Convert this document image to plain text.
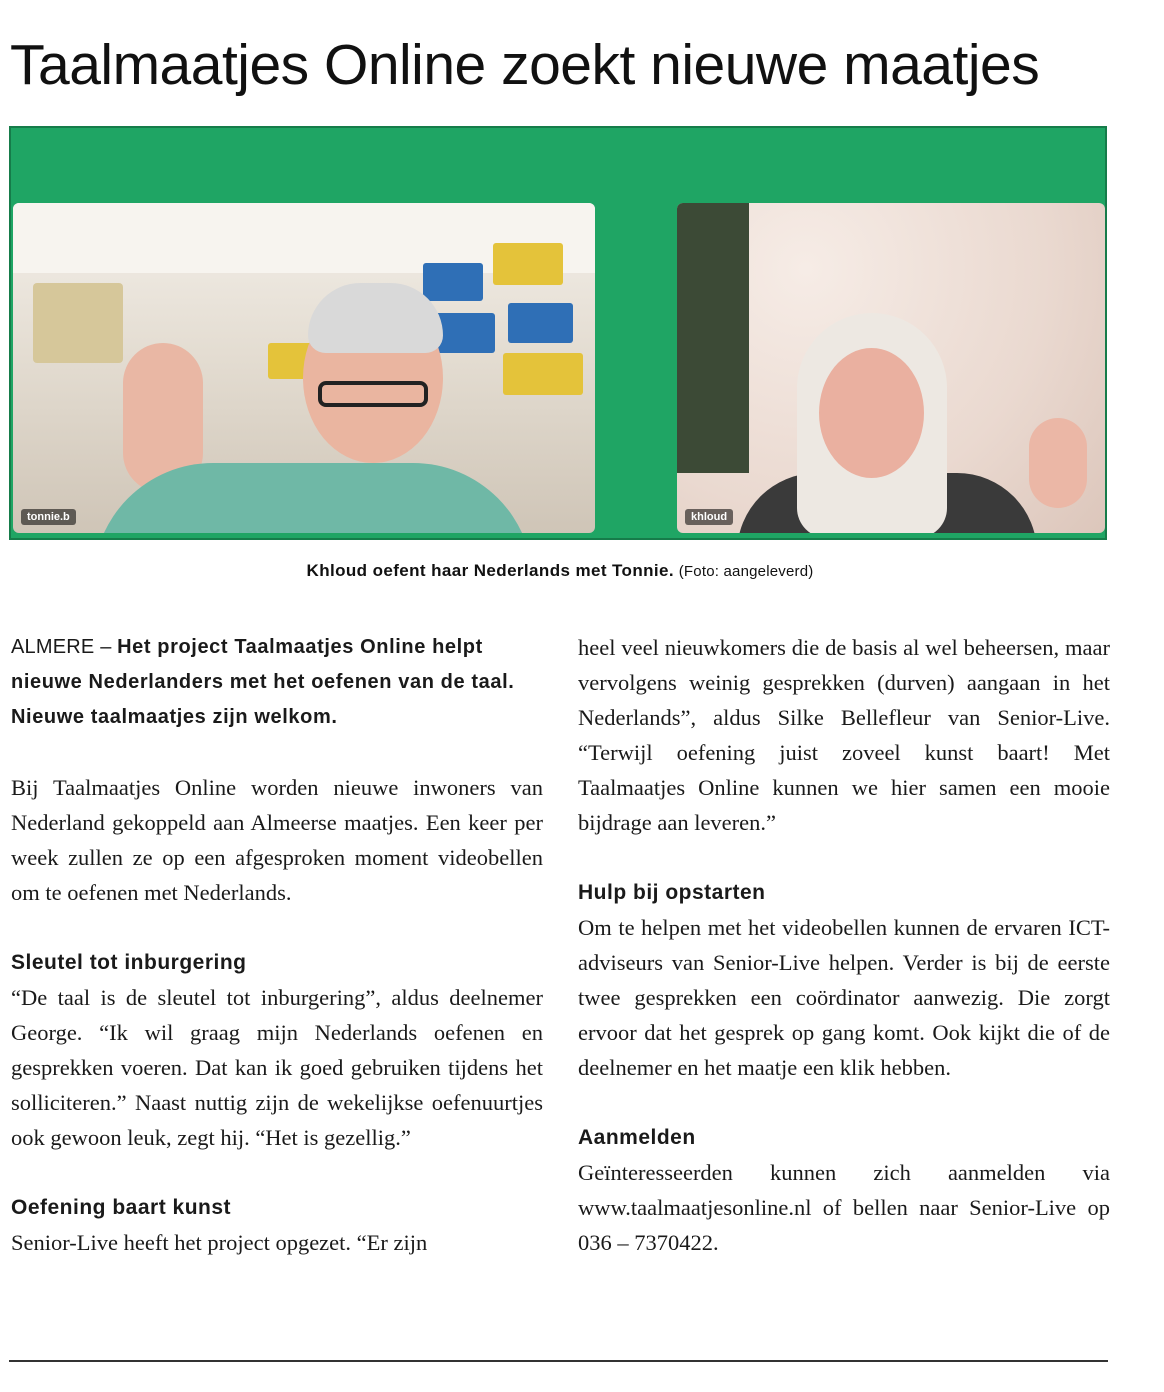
Taalmaatjes Online zoekt nieuwe maatjes
tonnie.b	khloud
Khloud oefent haar Nederlands met Tonnie. (Foto: aangeleverd)

ALMERE – Het project Taalmaatjes Online helpt nieuwe Nederlanders met het oefenen van de taal. Nieuwe taalmaatjes zijn welkom.

Bij Taalmaatjes Online worden nieuwe inwoners van Nederland gekoppeld aan Almeerse maatjes. Een keer per week zullen ze op een afgesproken moment videobellen om te oefenen met Nederlands.

Sleutel tot inburgering

“De taal is de sleutel tot inburgering”, aldus deelnemer George. “Ik wil graag mijn Nederlands oefenen en gesprekken voeren. Dat kan ik goed gebruiken tijdens het solliciteren.” Naast nuttig zijn de wekelijkse oefenuurtjes ook gewoon leuk, zegt hij. “Het is gezellig.”

Oefening baart kunst

Senior-Live heeft het project opgezet. “Er zijn

heel veel nieuwkomers die de basis al wel beheersen, maar vervolgens weinig gesprekken (durven) aangaan in het Nederlands”, aldus Silke Bellefleur van Senior-Live. “Terwijl oefening juist zoveel kunst baart! Met Taalmaatjes Online kunnen we hier samen een mooie bijdrage aan leveren.”

Hulp bij opstarten

Om te helpen met het videobellen kunnen de ervaren ICT-adviseurs van Senior-Live helpen. Verder is bij de eerste twee gesprekken een coördinator aanwezig. Die zorgt ervoor dat het gesprek op gang komt. Ook kijkt die of de deelnemer en het maatje een klik hebben.

Aanmelden

Geïnteresseerden kunnen zich aanmelden via www.taalmaatjesonline.nl of bellen naar Senior-Live op 036 – 7370422.
